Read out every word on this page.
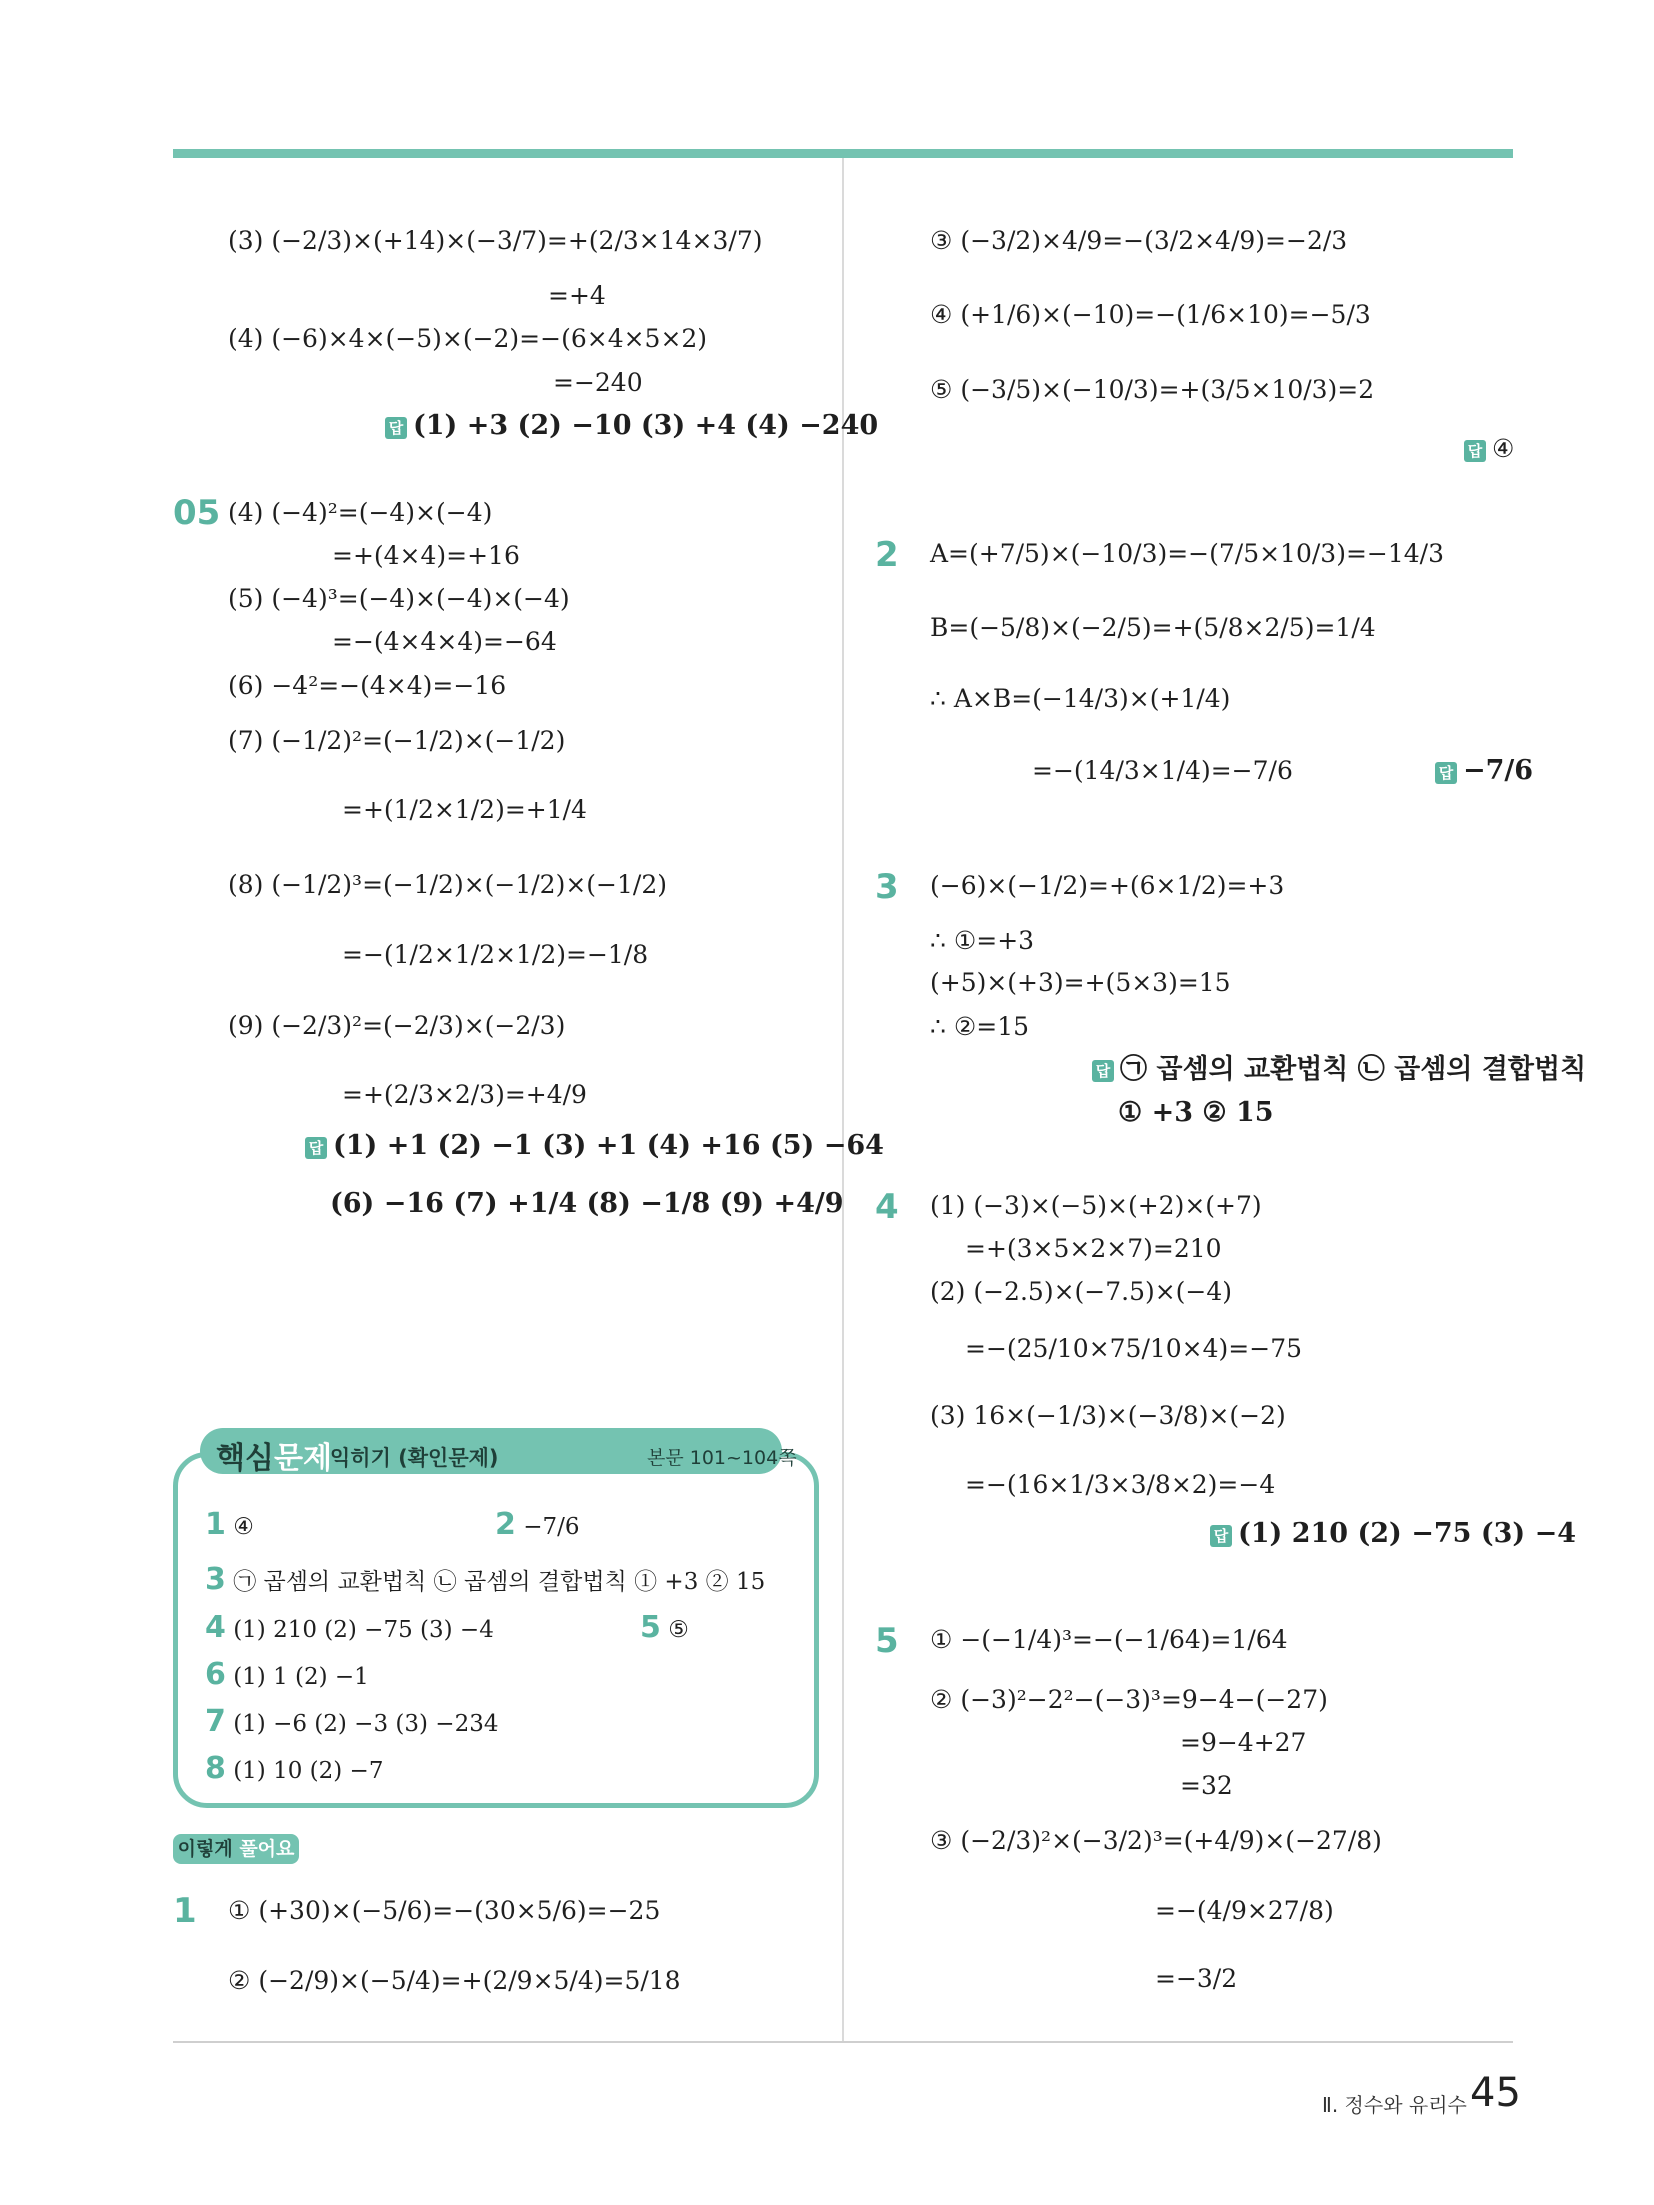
(3) (−2/3)×(+14)×(−3/7)=+(2/3×14×3/7)
=+4
(4) (−6)×4×(−5)×(−2)=−(6×4×5×2)
=−240
답 (1) +3 (2) −10 (3) +4 (4) −240
05 (4) (−4)²=(−4)×(−4)
=+(4×4)=+16
(5) (−4)³=(−4)×(−4)×(−4)
=−(4×4×4)=−64
(6) −4²=−(4×4)=−16
(7) (−1/2)²=(−1/2)×(−1/2)
=+(1/2×1/2)=+1/4
(8) (−1/2)³=(−1/2)×(−1/2)×(−1/2)
=−(1/2×1/2×1/2)=−1/8
(9) (−2/3)²=(−2/3)×(−2/3)
=+(2/3×2/3)=+4/9
답 (1) +1 (2) −1 (3) +1 (4) +16 (5) −64
(6) −16 (7) +1/4 (8) −1/8 (9) +4/9
핵심문제
익히기 (확인문제)	본문 101~104쪽
1 ④	2 −7/6
3 ㉠ 곱셈의 교환법칙 ㉡ 곱셈의 결합법칙 ① +3 ② 15
4 (1) 210 (2) −75 (3) −4	5 ⑤
6 (1) 1 (2) −1
7 (1) −6 (2) −3 (3) −234
8 (1) 10 (2) −7
이렇게 풀어요
1 ① (+30)×(−5/6)=−(30×5/6)=−25
② (−2/9)×(−5/4)=+(2/9×5/4)=5/18
③ (−3/2)×4/9=−(3/2×4/9)=−2/3
④ (+1/6)×(−10)=−(1/6×10)=−5/3
⑤ (−3/5)×(−10/3)=+(3/5×10/3)=2
답 ④
2 A=(+7/5)×(−10/3)=−(7/5×10/3)=−14/3
B=(−5/8)×(−2/5)=+(5/8×2/5)=1/4
∴ A×B=(−14/3)×(+1/4)
=−(14/3×1/4)=−7/6	답 −7/6
3 (−6)×(−1/2)=+(6×1/2)=+3
∴ ①=+3
(+5)×(+3)=+(5×3)=15
∴ ②=15
답 ㉠ 곱셈의 교환법칙 ㉡ 곱셈의 결합법칙
① +3 ② 15
4 (1) (−3)×(−5)×(+2)×(+7)
=+(3×5×2×7)=210
(2) (−2.5)×(−7.5)×(−4)
=−(25/10×75/10×4)=−75
(3) 16×(−1/3)×(−3/8)×(−2)
=−(16×1/3×3/8×2)=−4
답 (1) 210 (2) −75 (3) −4
5 ① −(−1/4)³=−(−1/64)=1/64
② (−3)²−2²−(−3)³=9−4−(−27)
=9−4+27
=32
③ (−2/3)²×(−3/2)³=(+4/9)×(−27/8)
=−(4/9×27/8)
=−3/2
Ⅱ. 정수와 유리수 45
